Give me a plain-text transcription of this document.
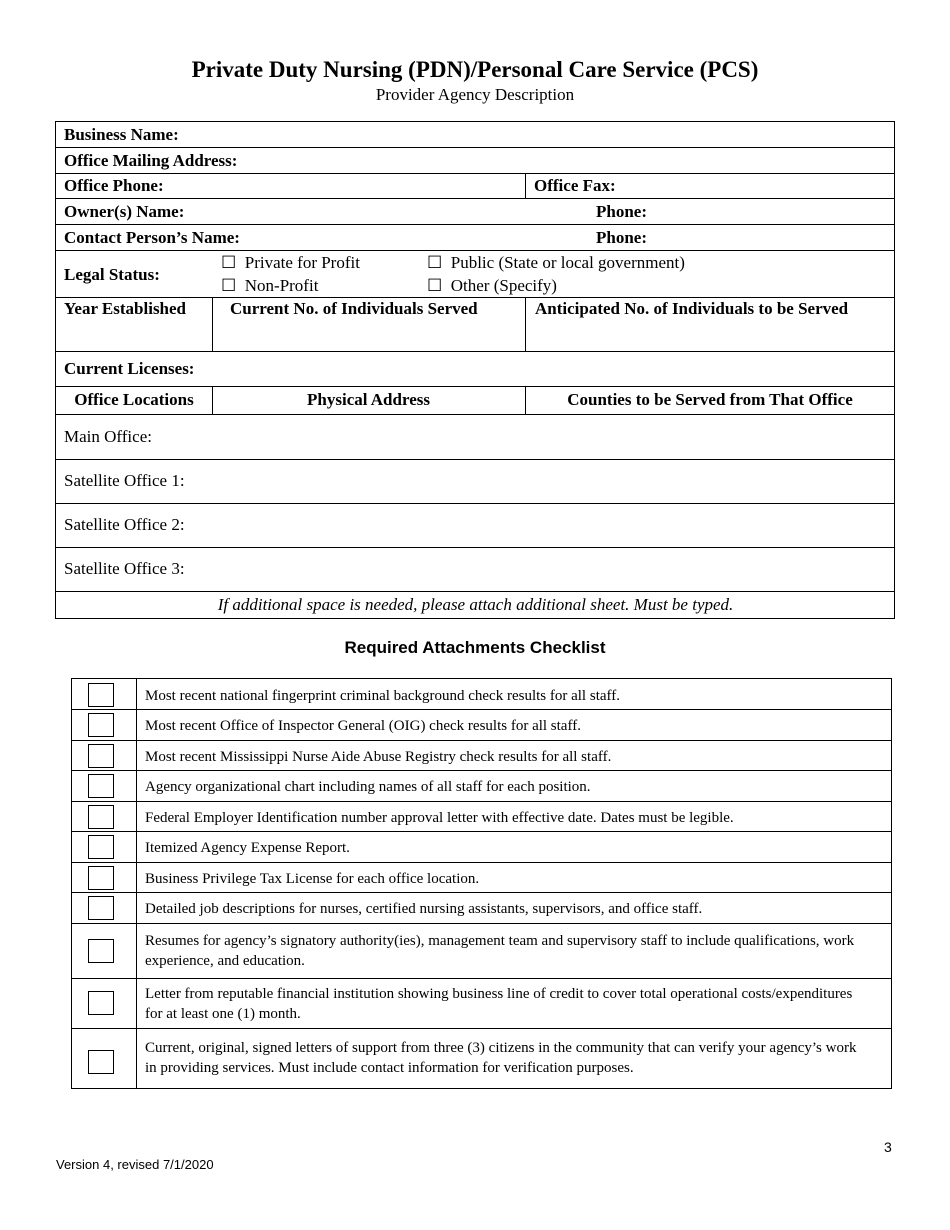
Private Duty Nursing (PDN)/Personal Care Service (PCS)
Provider Agency Description
Business Name:
Office Mailing Address:
Office Phone:	Office Fax:
Owner(s) Name:	Phone:
Contact Person’s Name:	Phone:
Legal Status:
☐ Private for Profit	☐ Public (State or local government)
☐ Non-Profit	☐ Other (Specify)
Year Established	Current No. of Individuals Served	Anticipated No. of Individuals to be Served
Current Licenses:
Office Locations	Physical Address	Counties to be Served from That Office
Main Office:
Satellite Office 1:
Satellite Office 2:
Satellite Office 3:
If additional space is needed, please attach additional sheet. Must be typed.
Required Attachments Checklist
Most recent national fingerprint criminal background check results for all staff.
Most recent Office of Inspector General (OIG) check results for all staff.
Most recent Mississippi Nurse Aide Abuse Registry check results for all staff.
Agency organizational chart including names of all staff for each position.
Federal Employer Identification number approval letter with effective date. Dates must be legible.
Itemized Agency Expense Report.
Business Privilege Tax License for each office location.
Detailed job descriptions for nurses, certified nursing assistants, supervisors, and office staff.
Resumes for agency’s signatory authority(ies), management team and supervisory staff to include qualifications, work experience, and education.
Letter from reputable financial institution showing business line of credit to cover total operational costs/expenditures for at least one (1) month.
Current, original, signed letters of support from three (3) citizens in the community that can verify your agency’s work in providing services. Must include contact information for verification purposes.
Version 4, revised 7/1/2020
3
